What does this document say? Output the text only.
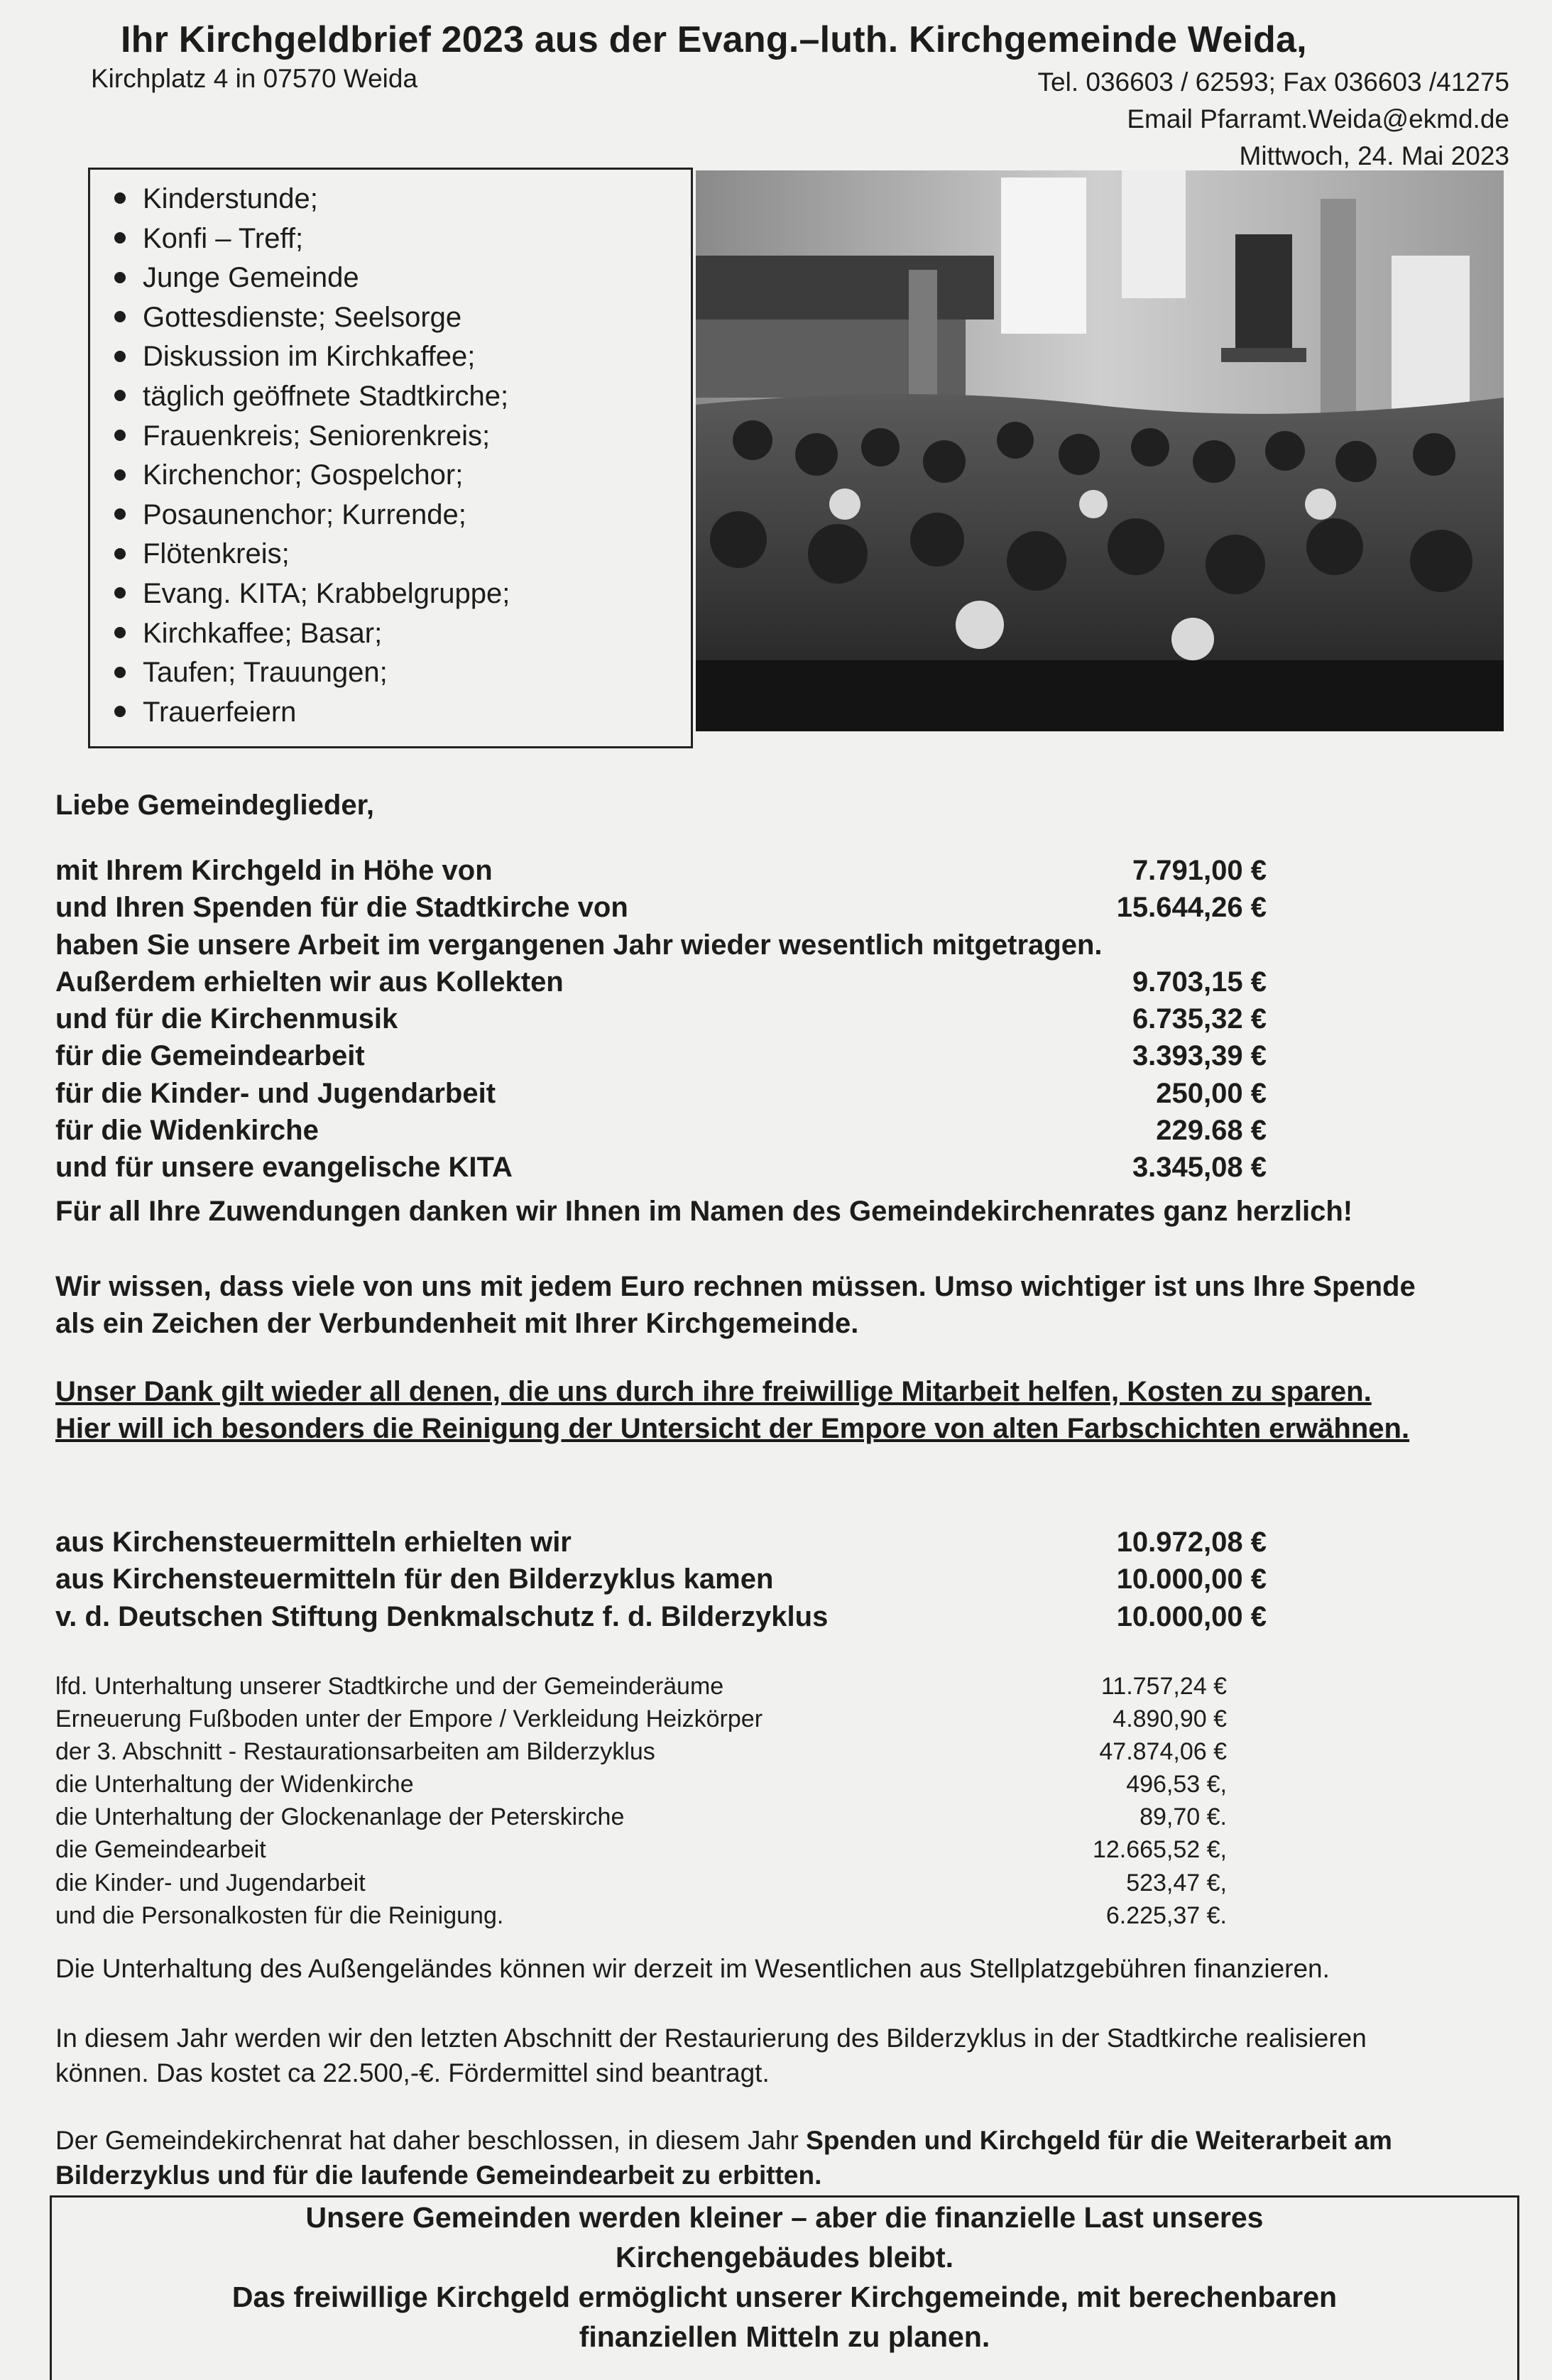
Ihr Kirchgeldbrief 2023 aus der Evang.–luth. Kirchgemeinde Weida,
Kirchplatz 4 in 07570 Weida	Tel. 036603 / 62593; Fax 036603 /41275
Email Pfarramt.Weida@ekmd.de
Mittwoch, 24. Mai 2023
Kinderstunde;
Konfi – Treff;
Junge Gemeinde
Gottesdienste; Seelsorge
Diskussion im Kirchkaffee;
täglich geöffnete Stadtkirche;
Frauenkreis; Seniorenkreis;
Kirchenchor; Gospelchor;
Posaunenchor; Kurrende;
Flötenkreis;
Evang. KITA; Krabbelgruppe;
Kirchkaffee; Basar;
Taufen; Trauungen;
Trauerfeiern
Liebe Gemeindeglieder,
mit Ihrem Kirchgeld in Höhe von	7.791,00 €
und Ihren Spenden für die Stadtkirche von	15.644,26 €
haben Sie unsere Arbeit im vergangenen Jahr wieder wesentlich mitgetragen.
Außerdem erhielten wir aus Kollekten	9.703,15 €
und für die Kirchenmusik	6.735,32 €
für die Gemeindearbeit	3.393,39 €
für die Kinder- und Jugendarbeit	250,00 €
für die Widenkirche	229.68 €
und für unsere evangelische KITA	3.345,08 €
Für all Ihre Zuwendungen danken wir Ihnen im Namen des Gemeindekirchenrates ganz herzlich!
Wir wissen, dass viele von uns mit jedem Euro rechnen müssen. Umso wichtiger ist uns Ihre Spende als ein Zeichen der Verbundenheit mit Ihrer Kirchgemeinde.
Unser Dank gilt wieder all denen, die uns durch ihre freiwillige Mitarbeit helfen, Kosten zu sparen. Hier will ich besonders die Reinigung der Untersicht der Empore von alten Farbschichten erwähnen.
aus Kirchensteuermitteln erhielten wir	10.972,08 €
aus Kirchensteuermitteln für den Bilderzyklus kamen	10.000,00 €
v. d. Deutschen Stiftung Denkmalschutz f. d. Bilderzyklus	10.000,00 €
lfd. Unterhaltung unserer Stadtkirche und der Gemeinderäume	11.757,24 €
Erneuerung Fußboden unter der Empore / Verkleidung Heizkörper	4.890,90 €
der 3. Abschnitt - Restaurationsarbeiten am Bilderzyklus	47.874,06 €
die Unterhaltung der Widenkirche	496,53 €,
die Unterhaltung der Glockenanlage der Peterskirche	89,70 €.
die Gemeindearbeit	12.665,52 €,
die Kinder- und Jugendarbeit	523,47 €,
und die Personalkosten für die Reinigung.	6.225,37 €.
Die Unterhaltung des Außengeländes können wir derzeit im Wesentlichen aus Stellplatzgebühren finanzieren.
In diesem Jahr werden wir den letzten Abschnitt der Restaurierung des Bilderzyklus in der Stadtkirche realisieren können. Das kostet ca 22.500,-€. Fördermittel sind beantragt.
Der Gemeindekirchenrat hat daher beschlossen, in diesem Jahr Spenden und Kirchgeld für die Weiterarbeit am Bilderzyklus und für die laufende Gemeindearbeit zu erbitten.

Unsere Gemeinden werden kleiner – aber die finanzielle Last unseres

Kirchengebäudes bleibt.

Das freiwillige Kirchgeld ermöglicht unserer Kirchgemeinde, mit berechenbaren

finanziellen Mitteln zu planen.
